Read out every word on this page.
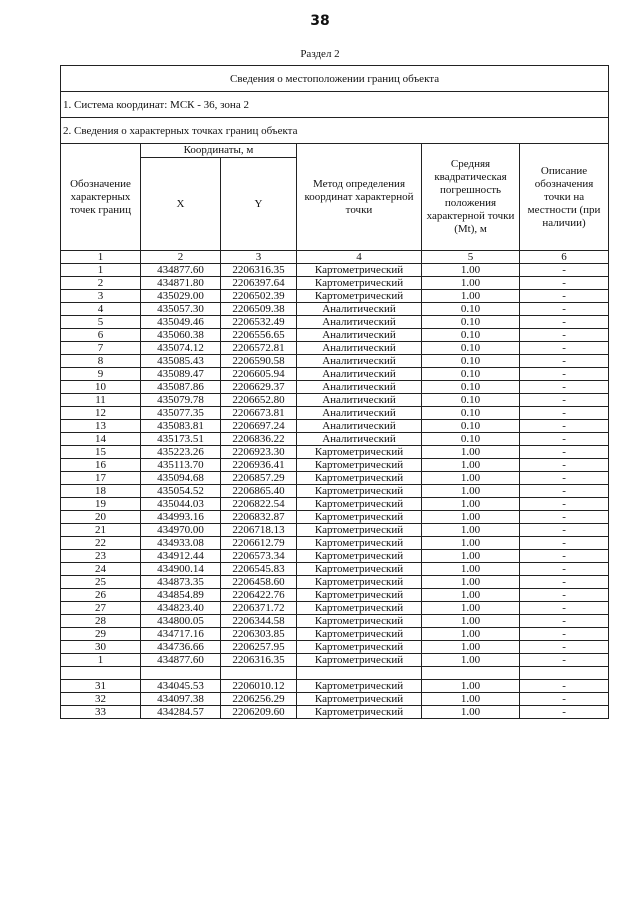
38
Раздел 2
Сведения о местоположении границ объекта					
1. Система координат: МСК - 36, зона 2					
2. Сведения о характерных точках границ объекта					
Обозначение характерных точек границ	Координаты, м		Метод определения координат характерной точки	Средняя квадратическая погрешность положения характерной точки (Mt), м	Описание обозначения точки на местности (при наличии)
	X	Y			
1	2	3	4	5	6
1	434877.60	2206316.35	Картометрический	1.00	-
2	434871.80	2206397.64	Картометрический	1.00	-
3	435029.00	2206502.39	Картометрический	1.00	-
4	435057.30	2206509.38	Аналитический	0.10	-
5	435049.46	2206532.49	Аналитический	0.10	-
6	435060.38	2206556.65	Аналитический	0.10	-
7	435074.12	2206572.81	Аналитический	0.10	-
8	435085.43	2206590.58	Аналитический	0.10	-
9	435089.47	2206605.94	Аналитический	0.10	-
10	435087.86	2206629.37	Аналитический	0.10	-
11	435079.78	2206652.80	Аналитический	0.10	-
12	435077.35	2206673.81	Аналитический	0.10	-
13	435083.81	2206697.24	Аналитический	0.10	-
14	435173.51	2206836.22	Аналитический	0.10	-
15	435223.26	2206923.30	Картометрический	1.00	-
16	435113.70	2206936.41	Картометрический	1.00	-
17	435094.68	2206857.29	Картометрический	1.00	-
18	435054.52	2206865.40	Картометрический	1.00	-
19	435044.03	2206822.54	Картометрический	1.00	-
20	434993.16	2206832.87	Картометрический	1.00	-
21	434970.00	2206718.13	Картометрический	1.00	-
22	434933.08	2206612.79	Картометрический	1.00	-
23	434912.44	2206573.34	Картометрический	1.00	-
24	434900.14	2206545.83	Картометрический	1.00	-
25	434873.35	2206458.60	Картометрический	1.00	-
26	434854.89	2206422.76	Картометрический	1.00	-
27	434823.40	2206371.72	Картометрический	1.00	-
28	434800.05	2206344.58	Картометрический	1.00	-
29	434717.16	2206303.85	Картометрический	1.00	-
30	434736.66	2206257.95	Картометрический	1.00	-
1	434877.60	2206316.35	Картометрический	1.00	-

31	434045.53	2206010.12	Картометрический	1.00	-
32	434097.38	2206256.29	Картометрический	1.00	-
33	434284.57	2206209.60	Картометрический	1.00	-
